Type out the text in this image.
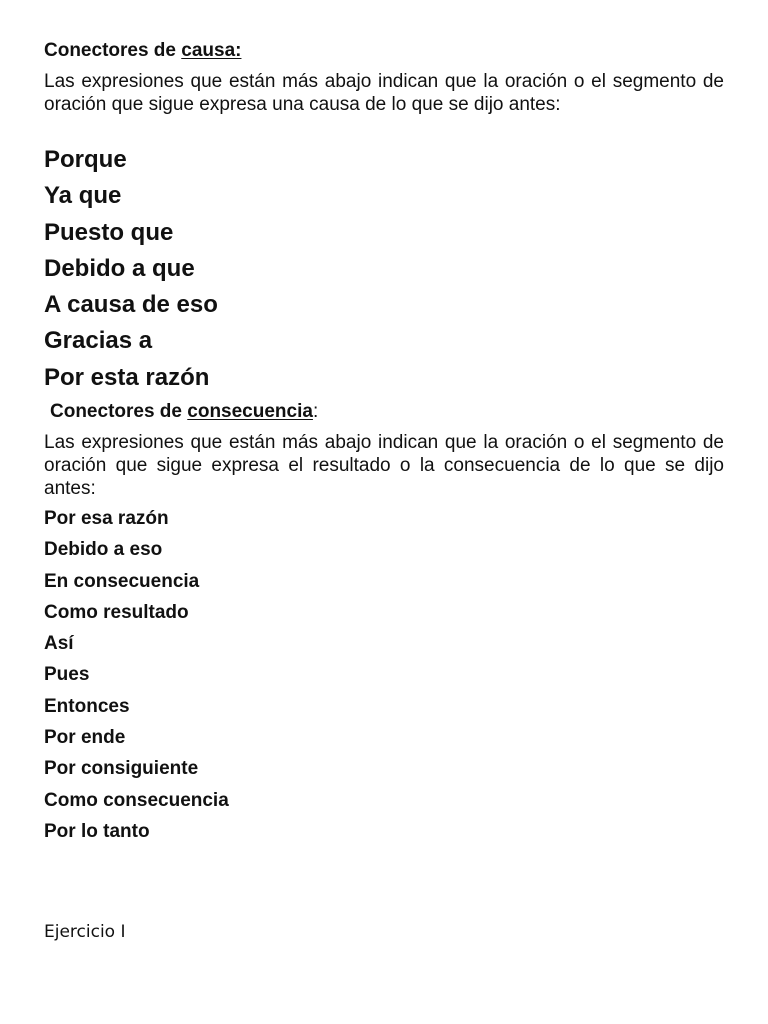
Conectores de causa:
Las expresiones que están más abajo indican que la oración o el segmento de oración que sigue expresa una causa de lo que se dijo antes:
Porque
Ya que
Puesto que
Debido a que
A causa de eso
Gracias a
Por esta razón
Conectores de consecuencia:
Las expresiones que están más abajo indican que la oración o el segmento de oración que sigue expresa el resultado o la consecuencia de lo que se dijo antes:
Por esa razón
Debido a eso
En consecuencia
Como resultado
Así
Pues
Entonces
Por ende
Por consiguiente
Como consecuencia
Por lo tanto
Ejercicio I
